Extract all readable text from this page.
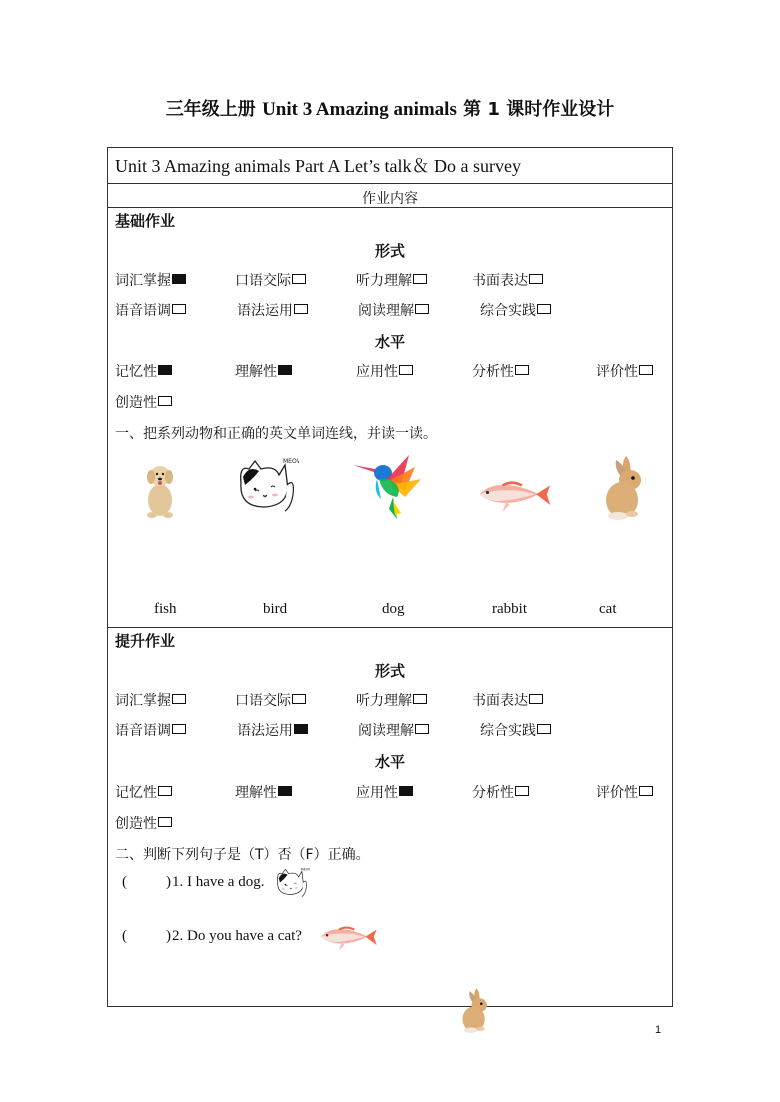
三年级上册 Unit 3 Amazing animals 第 1 课时作业设计
Unit 3 Amazing animals Part A Let’s talk＆ Do a survey
作业内容
基础作业
形式
词汇掌握	口语交际	听力理解	书面表达
语音语调	语法运用	阅读理解	综合实践
水平
记忆性	理解性	应用性	分析性	评价性
创造性
一、把系列动物和正确的英文单词连线，并读一读。
fish	bird	dog	rabbit	cat
提升作业
形式
词汇掌握	口语交际	听力理解	书面表达
语音语调	语法运用	阅读理解	综合实践
水平
记忆性	理解性	应用性	分析性	评价性
创造性
二、判断下列句子是（T）否（F）正确。
(	) 1. I have a dog.
(	) 2. Do you have a cat?
1
